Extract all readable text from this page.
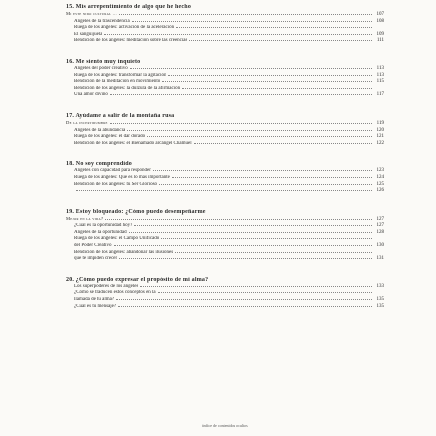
15. Mis arrepentimiento de algo que he hecho
Mi este nido cultural ...	107
Ángeles de la trascendencia	108
Ruega de los ángeles: activación de la aceleración
El sanguijuela	109
Bendición de los ángeles: meditación sobre las creencias	111
16. Me siento muy inquieto
Ángeles del poder creativo	113
Ruega de los ángeles: transformar la agitación	113
Bendición de la meditación en movimiento	115
Bendición de los ángeles: la dulzura de la afirmación
Una amor divino	117
17. Ayúdame a salir de la montaña rusa
De la incertidumbre	119
Ángeles de la abundancia	120
Ruega de los ángeles: el dar dorado	121
Bendición de los ángeles: el Bienamado arcángel Chamuel	122
18. No soy comprendido
Ángeles con capacidad para responder	123
Ruega de los ángeles: Qué es lo más importante	124
Bendición de los ángeles: tu Ser Glorioso	125
126
19. Estoy bloqueado: ¿Cómo puedo desempeñarme
Mejor en la vida?	127
¿Cuál es la oportunidad hoy?	127
Ángeles de la oportunidad	128
Ruega de los ángeles: el Campo Unificado
del Poder Creativo	130
Bendición de los ángeles: abandonar las ilusiones
que te impiden crecer	131
20. ¿Cómo puedo expresar el propósito de mi alma?
Los superpoderes de los ángeles	133
¿Cómo se traducen estos conceptos en la
llamada de tu alma?	135
¿Cuál es tu mensaje?	135
índice de contenidos ocultos
